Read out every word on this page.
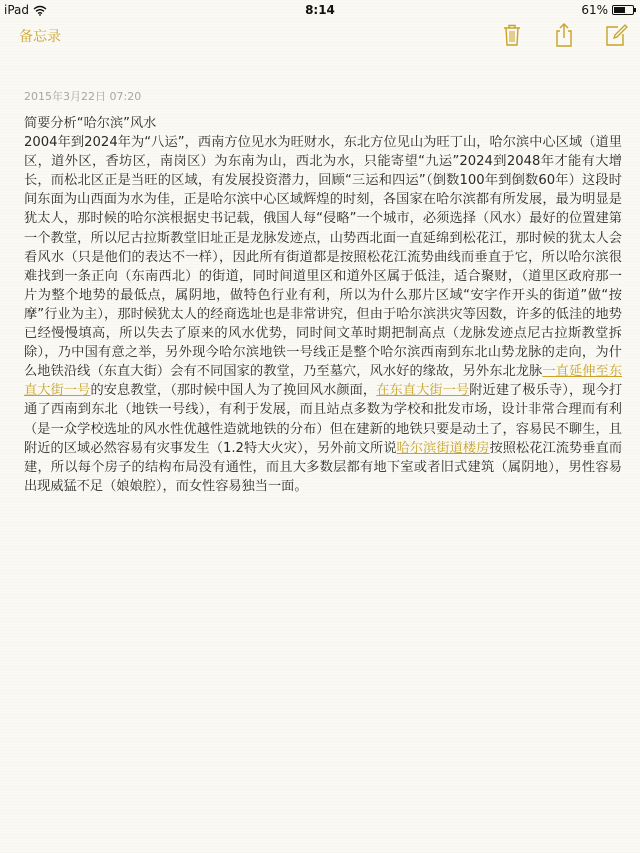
iPad	8:14	61%
备忘录
2015年3月22日 07:20

简要分析“哈尔滨”风水

2004年到2024年为“八运”，西南方位见水为旺财水，东北方位见山为旺丁山，哈尔滨中心区域（道里区，道外区，香坊区，南岗区）为东南为山，西北为水，只能寄望“九运”2024到2048年才能有大增长，而松北区正是当旺的区域，有发展投资潜力，回顾“三运和四运”（倒数100年到倒数60年）这段时间东面为山西面为水为佳，正是哈尔滨中心区域辉煌的时刻，各国家在哈尔滨都有所发展，最为明显是犹太人，那时候的哈尔滨根据史书记载，俄国人每“侵略”一个城市，必须选择（风水）最好的位置建第一个教堂，所以尼古拉斯教堂旧址正是龙脉发迹点，山势西北面一直延绵到松花江，那时候的犹太人会看风水（只是他们的表达不一样），因此所有街道都是按照松花江流势曲线而垂直于它，所以哈尔滨很难找到一条正向（东南西北）的街道，同时间道里区和道外区属于低洼，适合聚财，（道里区政府那一片为整个地势的最低点，属阴地，做特色行业有利，所以为什么那片区域“安字作开头的街道”做“按摩”行业为主），那时候犹太人的经商选址也是非常讲究，但由于哈尔滨洪灾等因数，许多的低洼的地势已经慢慢填高，所以失去了原来的风水优势，同时间文革时期把制高点（龙脉发迹点尼古拉斯教堂拆除），乃中国有意之举，另外现今哈尔滨地铁一号线正是整个哈尔滨西南到东北山势龙脉的走向，为什么地铁沿线（东直大街）会有不同国家的教堂，乃至墓穴，风水好的缘故，另外东北龙脉一直延伸至东直大街一号的安息教堂，（那时候中国人为了挽回风水颜面，在东直大街一号附近建了极乐寺），现今打通了西南到东北（地铁一号线），有利于发展，而且站点多数为学校和批发市场，设计非常合理而有利（是一众学校选址的风水性优越性造就地铁的分布）但在建新的地铁只要是动土了，容易民不聊生，且附近的区域必然容易有灾事发生（1.2特大火灾），另外前文所说哈尔滨街道楼房按照松花江流势垂直而建，所以每个房子的结构布局没有通性，而且大多数层都有地下室或者旧式建筑（属阴地），男性容易出现威猛不足（娘娘腔），而女性容易独当一面。
